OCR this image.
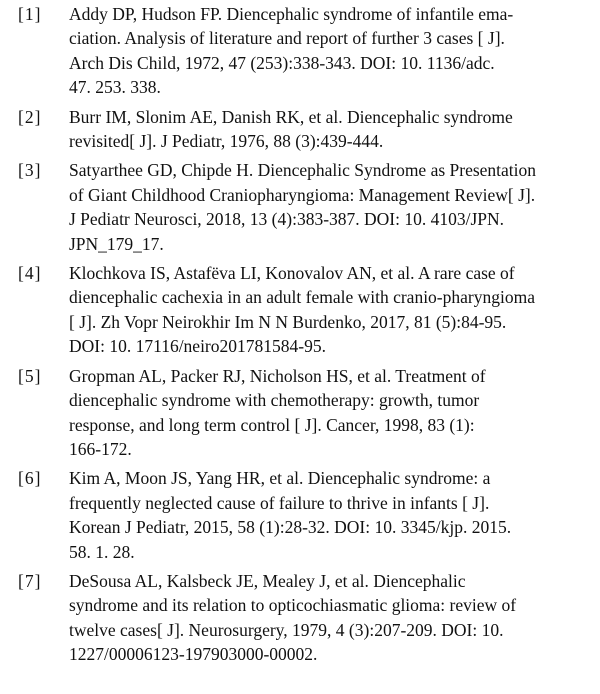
[1]	Addy DP, Hudson FP. Diencephalic syndrome of infantile ema-
ciation. Analysis of literature and report of further 3 cases [ J].
Arch Dis Child, 1972, 47 (253):338-343. DOI: 10. 1136/adc.
47. 253. 338.
[2]	Burr IM, Slonim AE, Danish RK, et al. Diencephalic syndrome
revisited[ J]. J Pediatr, 1976, 88 (3):439-444.
[3]	Satyarthee GD, Chipde H. Diencephalic Syndrome as Presentation
of Giant Childhood Craniopharyngioma: Management Review[ J].
J Pediatr Neurosci, 2018, 13 (4):383-387. DOI: 10. 4103/JPN.
JPN_179_17.
[4]	Klochkova IS, Astafëva LI, Konovalov AN, et al. A rare case of
diencephalic cachexia in an adult female with cranio-pharyngioma
[ J]. Zh Vopr Neirokhir Im N N Burdenko, 2017, 81 (5):84-95.
DOI: 10. 17116/neiro201781584-95.
[5]	Gropman AL, Packer RJ, Nicholson HS, et al. Treatment of
diencephalic syndrome with chemotherapy: growth, tumor
response, and long term control [ J]. Cancer, 1998, 83 (1):
166-172.
[6]	Kim A, Moon JS, Yang HR, et al. Diencephalic syndrome: a
frequently neglected cause of failure to thrive in infants [ J].
Korean J Pediatr, 2015, 58 (1):28-32. DOI: 10. 3345/kjp. 2015.
58. 1. 28.
[7]	DeSousa AL, Kalsbeck JE, Mealey J, et al. Diencephalic
syndrome and its relation to opticochiasmatic glioma: review of
twelve cases[ J]. Neurosurgery, 1979, 4 (3):207-209. DOI: 10.
1227/00006123-197903000-00002.
